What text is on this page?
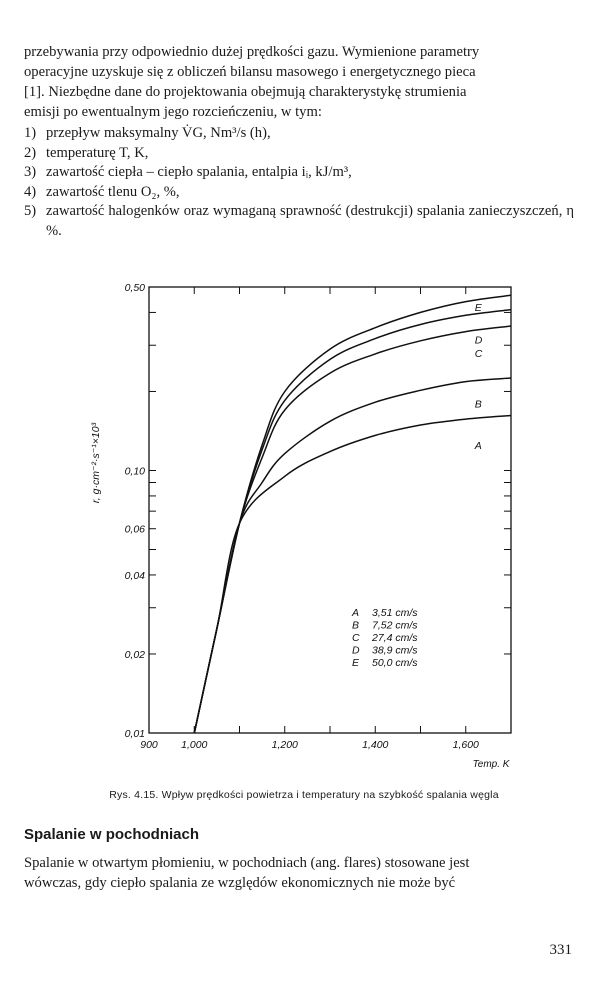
przebywania przy odpowiednio dużej prędkości gazu. Wymienione parametry

operacyjne uzyskuje się z obliczeń bilansu masowego i energetycznego pieca

[1]. Niezbędne dane do projektowania obejmują charakterystykę strumienia

emisji po ewentualnym jego rozcieńczeniu, w tym:

1) przepływ maksymalny V̇G, Nm³/s (h),
2) temperaturę T, K,
3) zawartość ciepła – ciepło spalania, entalpia iᵢ, kJ/m³,
4) zawartość tlenu O₂, %,
5) zawartość halogenków oraz wymaganą sprawność (destrukcji) spalania zanieczyszczeń, η %.
0,50
0,10
0,06
0,04
0,02
0,01
900 1,000	1,200	1,400	1,600
Temp. K
r, g·cm⁻²·s⁻¹×10³	A
B
C
D
E
A 3,51 cm/s
B 7,52 cm/s
C 27,4 cm/s
D 38,9 cm/s
E 50,0 cm/s
Rys. 4.15. Wpływ prędkości powietrza i temperatury na szybkość spalania węgla
Spalanie w pochodniach

Spalanie w otwartym płomieniu, w pochodniach (ang. flares) stosowane jest

wówczas, gdy ciepło spalania ze względów ekonomicznych nie może być

331
